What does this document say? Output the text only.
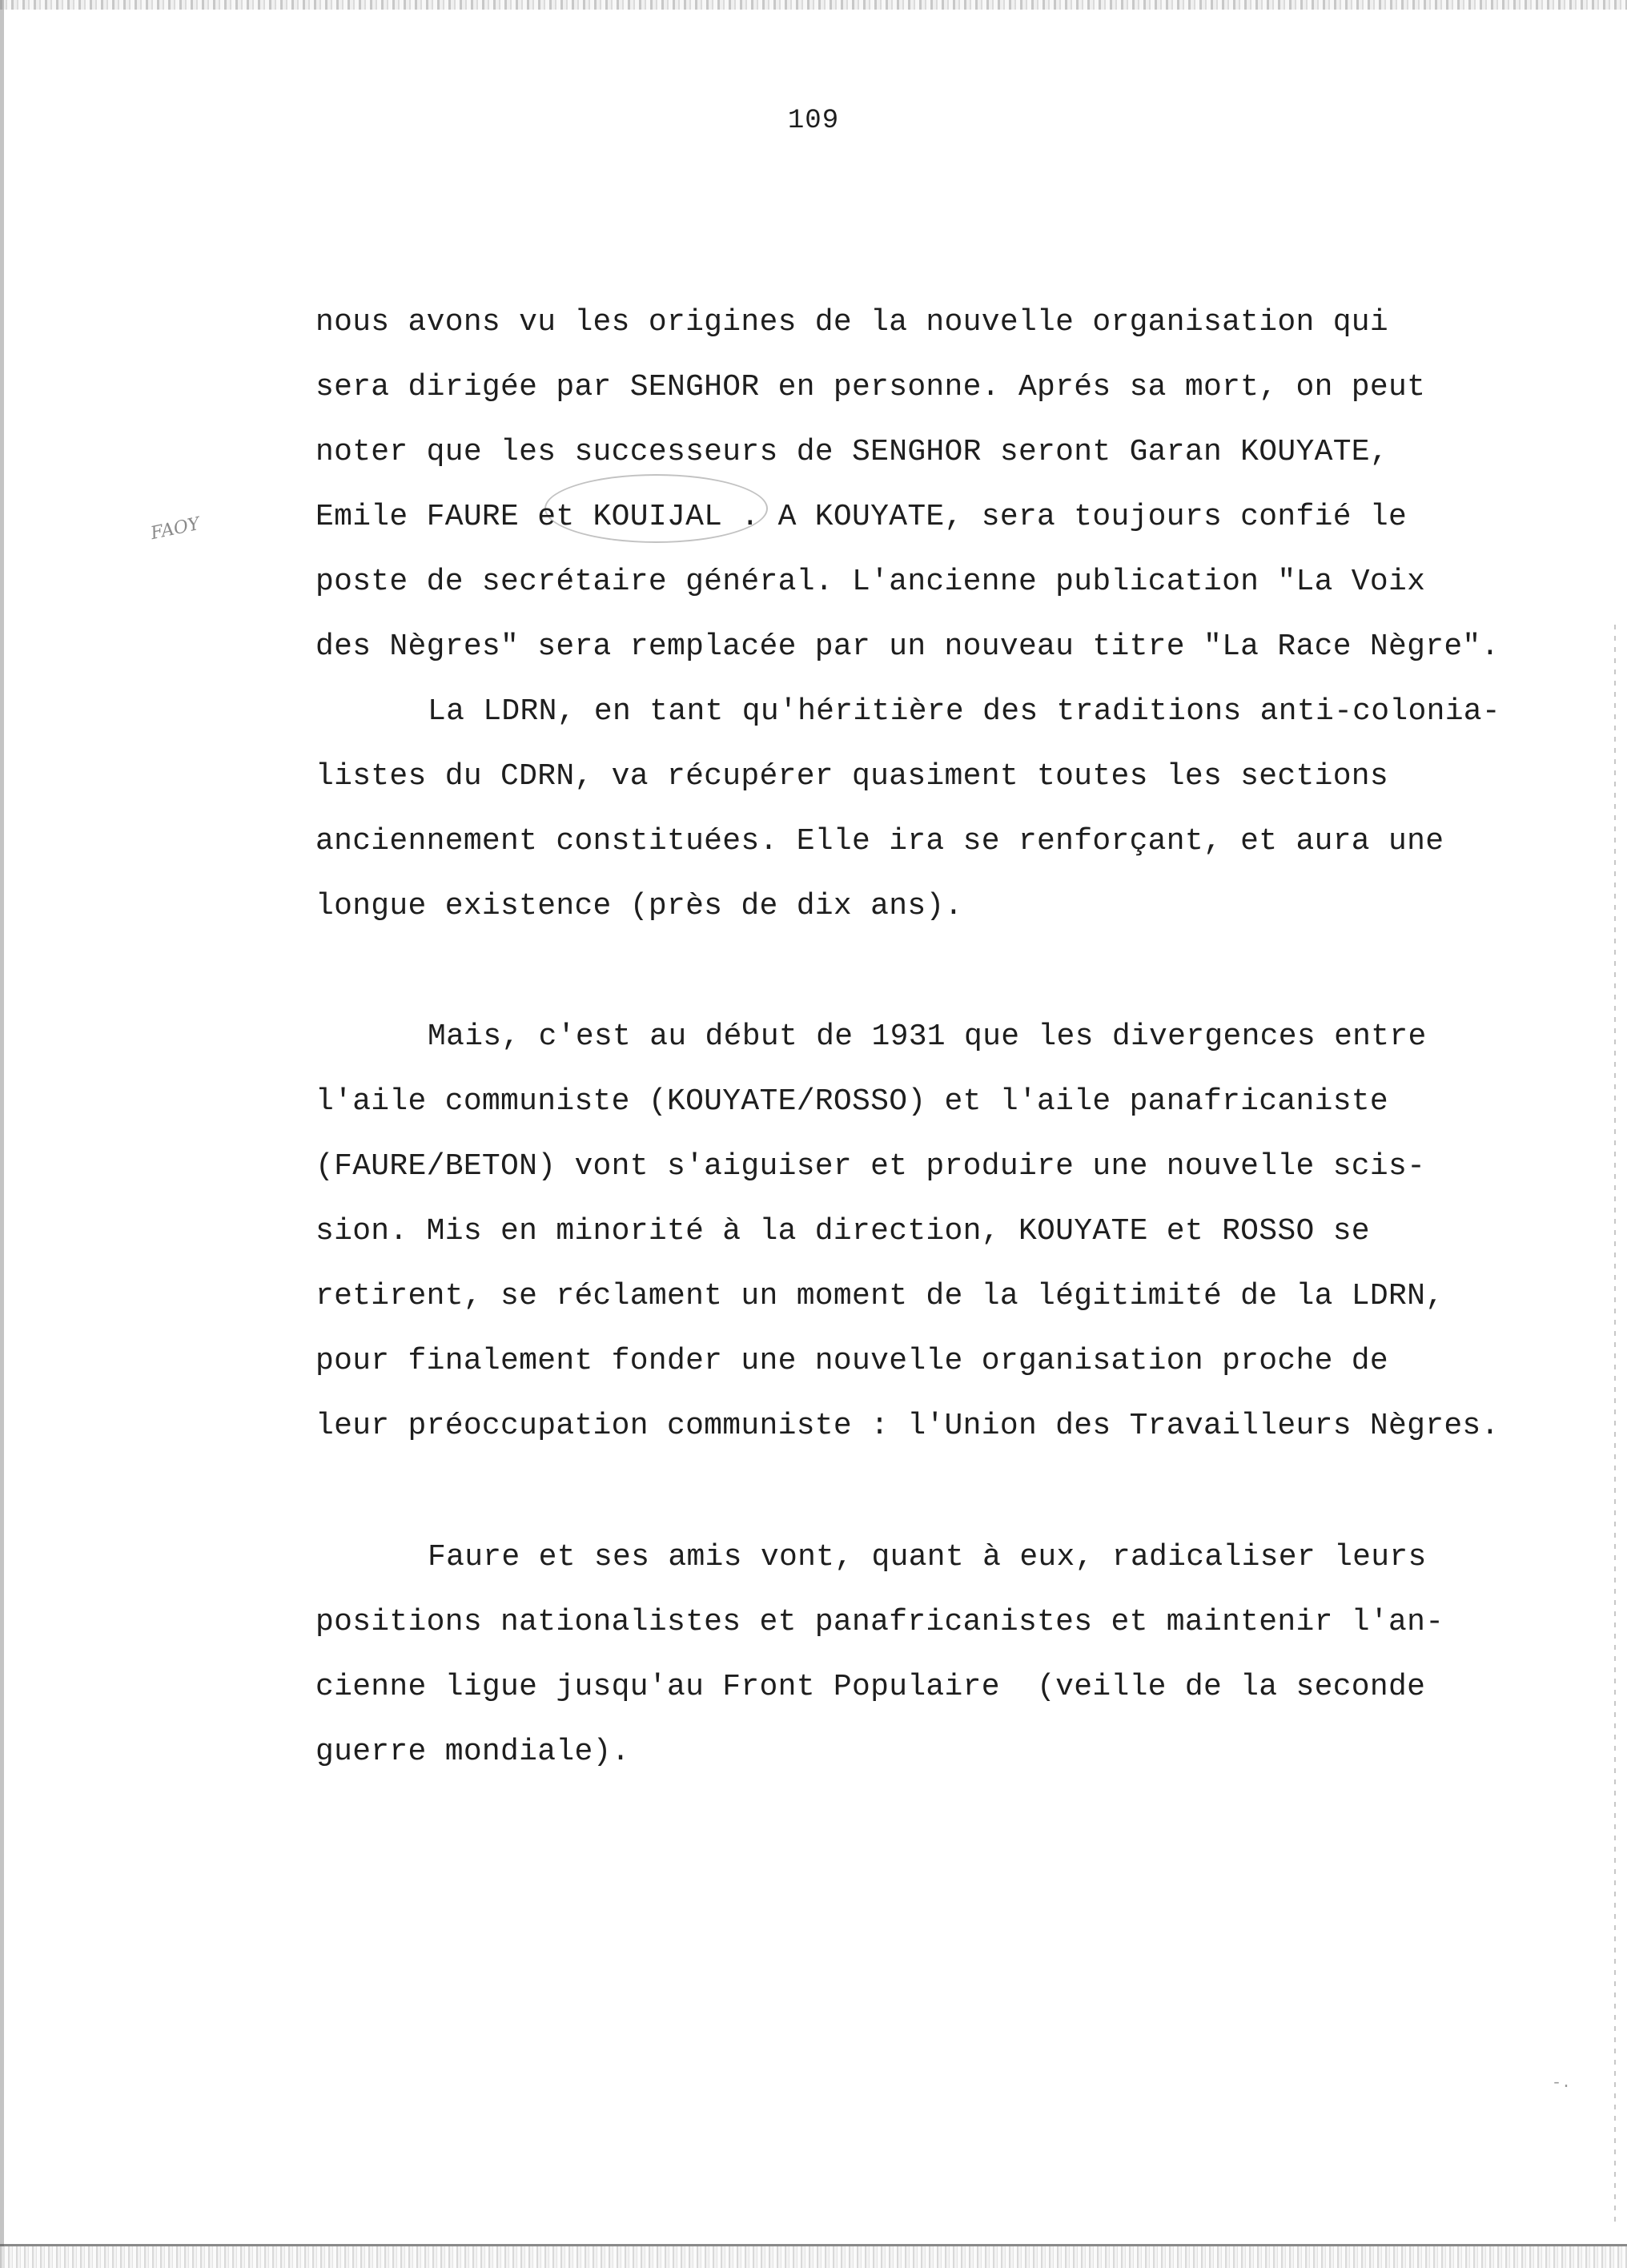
109
FAOY
nous avons vu les origines de la nouvelle organisation qui
sera dirigée par SENGHOR en personne. Aprés sa mort, on peut
noter que les successeurs de SENGHOR seront Garan KOUYATE,
Emile FAURE et KOUIJAL . A KOUYATE, sera toujours confié le
poste de secrétaire général. L'ancienne publication "La Voix
des Nègres" sera remplacée par un nouveau titre "La Race Nègre".
La LDRN, en tant qu'héritière des traditions anti-colonia-
listes du CDRN, va récupérer quasiment toutes les sections
anciennement constituées. Elle ira se renforçant, et aura une
longue existence (près de dix ans).
Mais, c'est au début de 1931 que les divergences entre
l'aile communiste (KOUYATE/ROSSO) et l'aile panafricaniste
(FAURE/BETON) vont s'aiguiser et produire une nouvelle scis-
sion. Mis en minorité à la direction, KOUYATE et ROSSO se
retirent, se réclament un moment de la légitimité de la LDRN,
pour finalement fonder une nouvelle organisation proche de
leur préoccupation communiste : l'Union des Travailleurs Nègres.
Faure et ses amis vont, quant à eux, radicaliser leurs
positions nationalistes et panafricanistes et maintenir l'an-
cienne ligue jusqu'au Front Populaire  (veille de la seconde
guerre mondiale).
-.
